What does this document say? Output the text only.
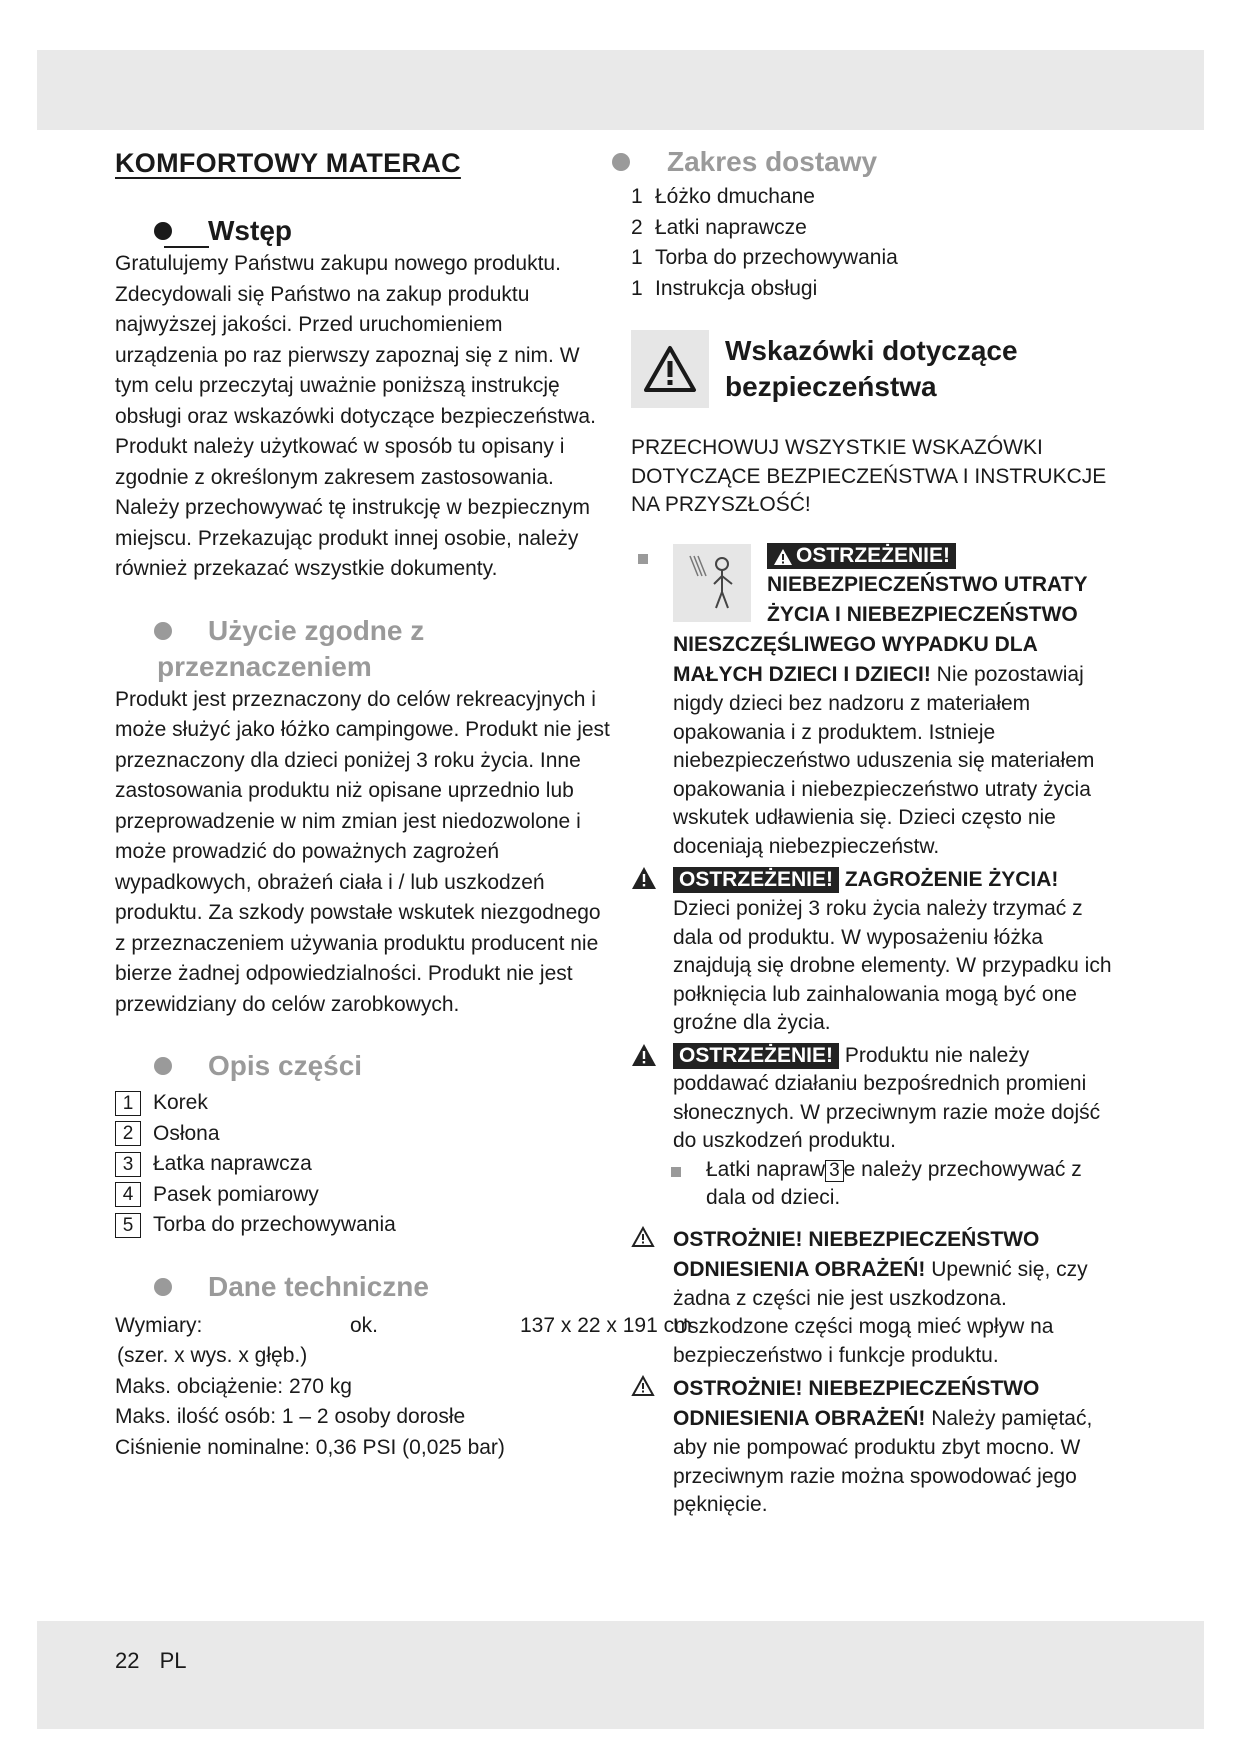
KOMFORTOWY MATERAC
Wstęp

Gratulujemy Państwu zakupu nowego produktu. Zdecydowali się Państwo na zakup produktu najwyższej jakości. Przed uruchomieniem urządzenia po raz pierwszy zapoznaj się z nim. W tym celu przeczytaj uważnie poniższą instrukcję obsługi oraz wskazówki dotyczące bezpieczeństwa. Produkt należy użytkować w sposób tu opisany i zgodnie z określonym zakresem zastosowania. Należy przechowywać tę instrukcję w bezpiecznym miejscu. Przekazując produkt innej osobie, należy również przekazać wszystkie dokumenty.

Użycie zgodne z
przeznaczeniem

Produkt jest przeznaczony do celów rekreacyjnych i może służyć jako łóżko campingowe. Produkt nie jest przeznaczony dla dzieci poniżej 3 roku życia. Inne zastosowania produktu niż opisane uprzednio lub przeprowadzenie w nim zmian jest niedozwolone i może prowadzić do poważnych zagrożeń wypadkowych, obrażeń ciała i / lub uszkodzeń produktu. Za szkody powstałe wskutek niezgodnego z przeznaczeniem używania produktu producent nie bierze żadnej odpowiedzialności. Produkt nie jest przewidziany do celów zarobkowych.

Opis części
1 Korek
2 Osłona
3 Łatka naprawcza
4 Pasek pomiarowy
5 Torba do przechowywania
Dane techniczne
Wymiary:	ok.	137 x 22 x 191 cm
(szer. x wys. x głęb.)
Maks. obciążenie: 270 kg
Maks. ilość osób: 1 – 2 osoby dorosłe
Ciśnienie nominalne: 0,36 PSI (0,025 bar)
Zakres dostawy
1 Łóżko dmuchane
2 Łatki naprawcze
1 Torba do przechowywania
1 Instrukcja obsługi
Wskazówki dotyczące
bezpieczeństwa
PRZECHOWUJ WSZYSTKIE WSKAZÓWKI DOTYCZĄCE BEZPIECZEŃSTWA I INSTRUKCJE NA PRZYSZŁOŚĆ!
OSTRZEŻENIE!
NIEBEZPIECZEŃSTWO UTRATY
ŻYCIA I NIEBEZPIECZEŃSTWO
NIESZCZĘŚLIWEGO WYPADKU DLA
MAŁYCH DZIECI I DZIECI! Nie pozostawiaj nigdy dzieci bez nadzoru z materiałem opakowania i z produktem. Istnieje niebezpieczeństwo uduszenia się materiałem opakowania i niebezpieczeństwo utraty życia wskutek udławienia się. Dzieci często nie doceniają niebezpieczeństw.
OSTRZEŻENIE! ZAGROŻENIE ŻYCIA!
Dzieci poniżej 3 roku życia należy trzymać z dala od produktu. W wyposażeniu łóżka znajdują się drobne elementy. W przypadku ich połknięcia lub zainhalowania mogą być one groźne dla życia.
OSTRZEŻENIE! Produktu nie należy poddawać działaniu bezpośrednich promieni słonecznych. W przeciwnym razie może dojść do uszkodzeń produktu.
Łatki napraw 3 e należy przechowywać z dala od dzieci.
OSTROŻNIE! NIEBEZPIECZEŃSTWO ODNIESIENIA OBRAŻEŃ! Upewnić się, czy żadna z części nie jest uszkodzona. Uszkodzone części mogą mieć wpływ na bezpieczeństwo i funkcje produktu.
OSTROŻNIE! NIEBEZPIECZEŃSTWO ODNIESIENIA OBRAŻEŃ! Należy pamiętać, aby nie pompować produktu zbyt mocno. W przeciwnym razie można spowodować jego pęknięcie.
22 PL
